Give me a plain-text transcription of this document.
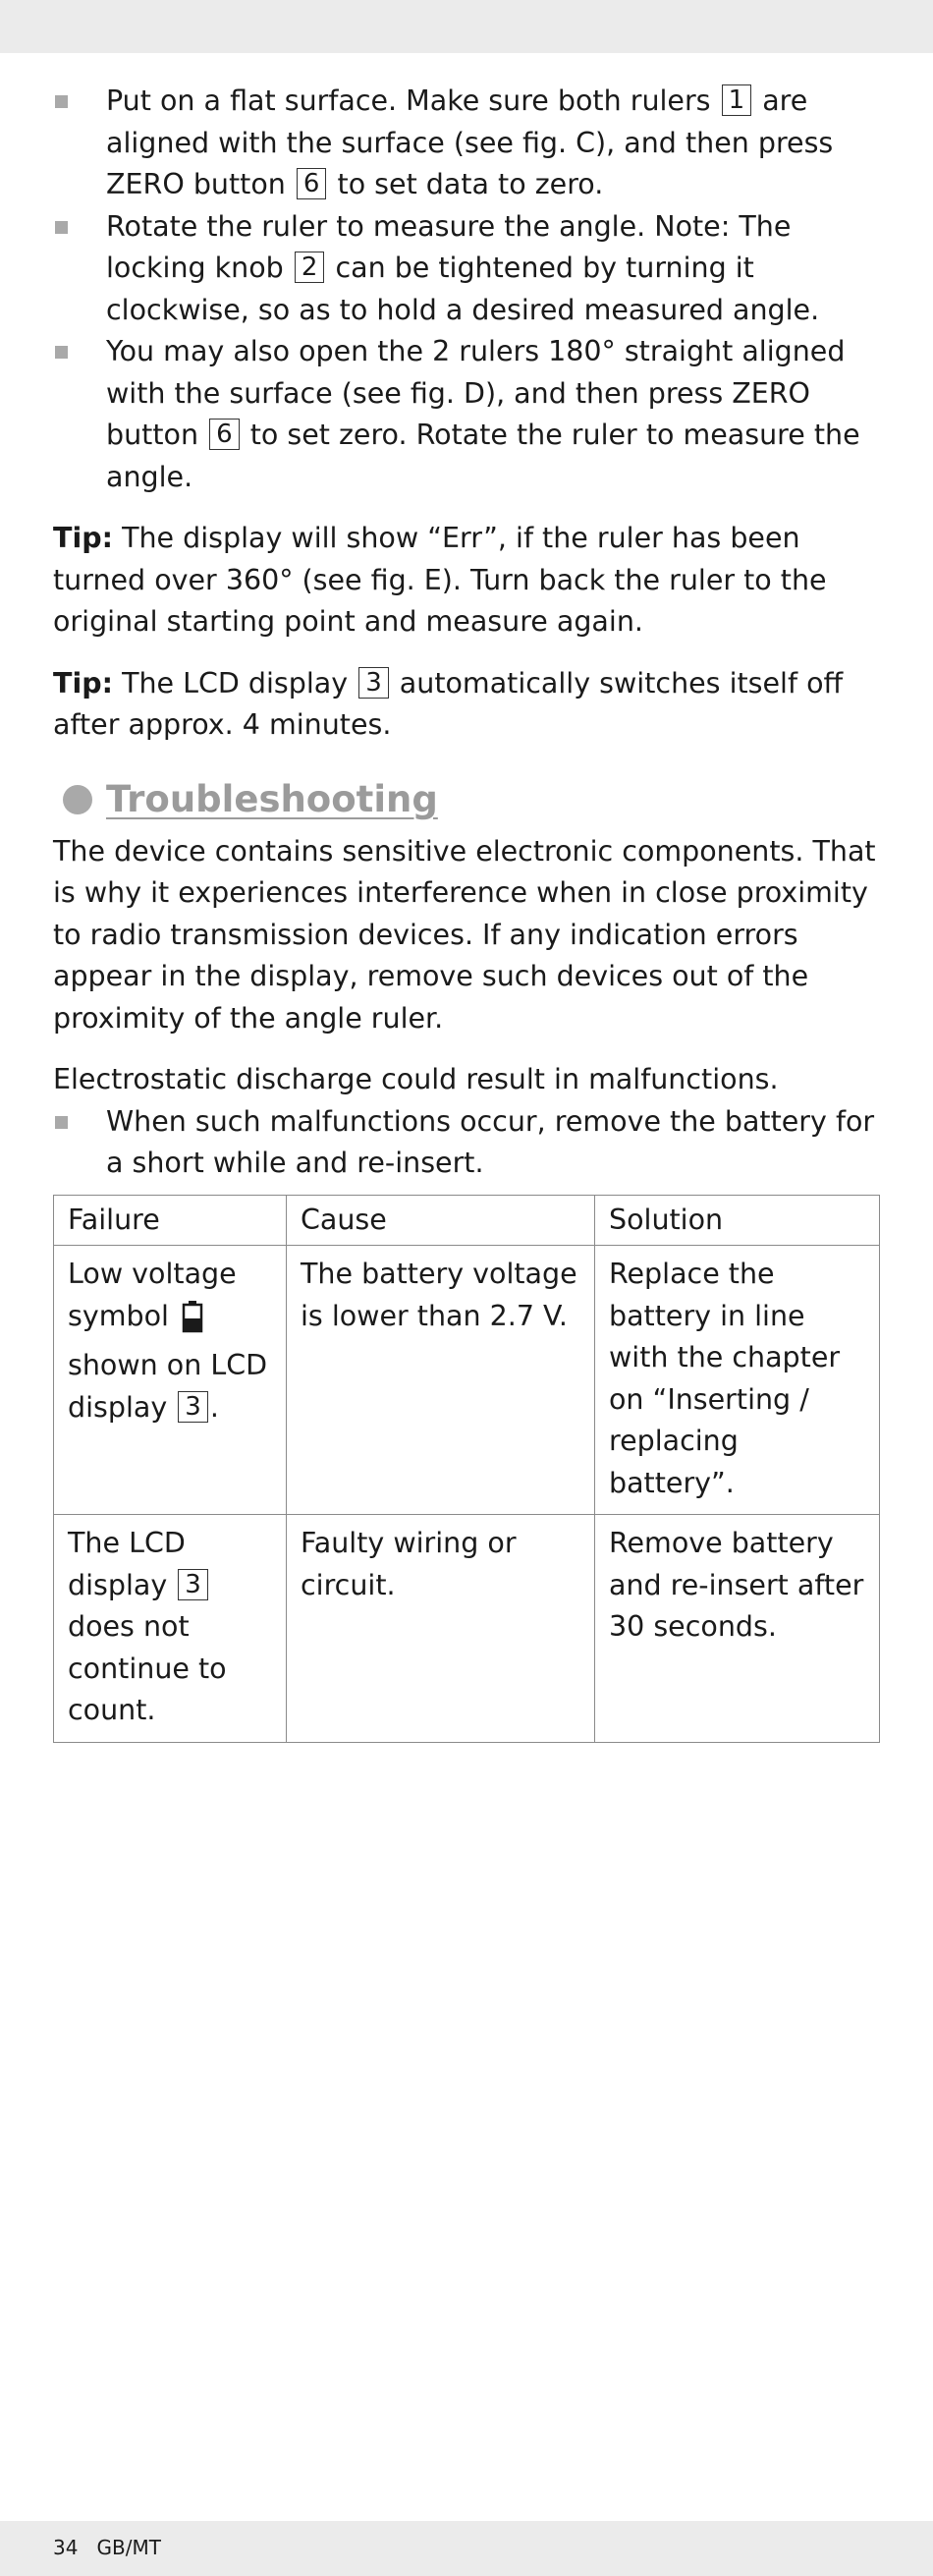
Put on a flat surface. Make sure both rulers 1 are aligned with the surface (see fig. C), and then press ZERO button 6 to set data to zero.
Rotate the ruler to measure the angle. Note: The locking knob 2 can be tightened by turning it clockwise, so as to hold a desired measured angle.
You may also open the 2 rulers 180° straight aligned with the surface (see fig. D), and then press ZERO button 6 to set zero. Rotate the ruler to measure the angle.
Tip: The display will show “Err”, if the ruler has been turned over 360° (see fig. E). Turn back the ruler to the original starting point and measure again.
Tip: The LCD display 3 automatically switches itself off after approx. 4 minutes.
Troubleshooting
The device contains sensitive electronic components. That is why it experiences interference when in close proximity to radio transmission devices. If any indication errors appear in the display, remove such devices out of the proximity of the angle ruler.
Electrostatic discharge could result in malfunctions.
When such malfunctions occur, remove the battery for a short while and re-insert.
Failure	Cause	Solution
Low voltage symbol  shown on LCD display 3 .	The battery voltage is lower than 2.7 V.	Replace the battery in line with the chapter on “Inserting / replacing battery”.
The LCD display 3 does not continue to count.	Faulty wiring or circuit.	Remove battery and re-insert after 30 seconds.
34 GB/MT
